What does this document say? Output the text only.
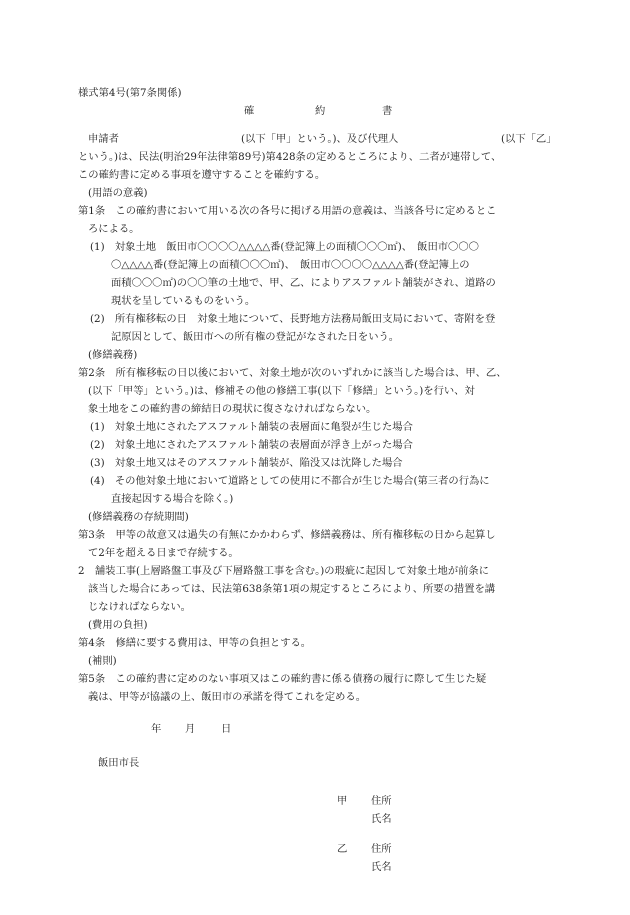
様式第4号(第7条関係)
確	約	書
申請者	(以下「甲」という。)、及び代理人	(以下「乙」
という。)は、民法(明治29年法律第89号)第428条の定めるところにより、二者が連帯して、
この確約書に定める事項を遵守することを確約する。
(用語の意義)
第1条　この確約書において用いる次の各号に掲げる用語の意義は、当該各号に定めるとこ
ろによる。
(1)　対象土地　飯田市〇〇〇〇△△△△番(登記簿上の面積〇〇〇㎡)、　飯田市〇〇〇
〇△△△△番(登記簿上の面積〇〇〇㎡)、　飯田市〇〇〇〇△△△△番(登記簿上の
面積〇〇〇㎡)の〇〇筆の土地で、甲、乙、によりアスファルト舗装がされ、道路の
現状を呈しているものをいう。
(2)　所有権移転の日　対象土地について、長野地方法務局飯田支局において、寄附を登
記原因として、飯田市への所有権の登記がなされた日をいう。
(修繕義務)
第2条　所有権移転の日以後において、対象土地が次のいずれかに該当した場合は、甲、乙、
(以下「甲等」という。)は、修補その他の修繕工事(以下「修繕」という。)を行い、対
象土地をこの確約書の締結日の現状に復さなければならない。
(1)　対象土地にされたアスファルト舗装の表層面に亀裂が生じた場合
(2)　対象土地にされたアスファルト舗装の表層面が浮き上がった場合
(3)　対象土地又はそのアスファルト舗装が、陥没又は沈降した場合
(4)　その他対象土地において道路としての使用に不都合が生じた場合(第三者の行為に
直接起因する場合を除く。)
(修繕義務の存続期間)
第3条　甲等の故意又は過失の有無にかかわらず、修繕義務は、所有権移転の日から起算し
て2年を超える日まで存続する。
2　舗装工事(上層路盤工事及び下層路盤工事を含む。)の瑕疵に起因して対象土地が前条に
該当した場合にあっては、民法第638条第1項の規定するところにより、所要の措置を講
じなければならない。
(費用の負担)
第4条　修繕に要する費用は、甲等の負担とする。
(補則)
第5条　この確約書に定めのない事項又はこの確約書に係る債務の履行に際して生じた疑
義は、甲等が協議の上、飯田市の承諾を得てこれを定める。
年 月 日
飯田市長
甲 住所
氏名
乙 住所
氏名
